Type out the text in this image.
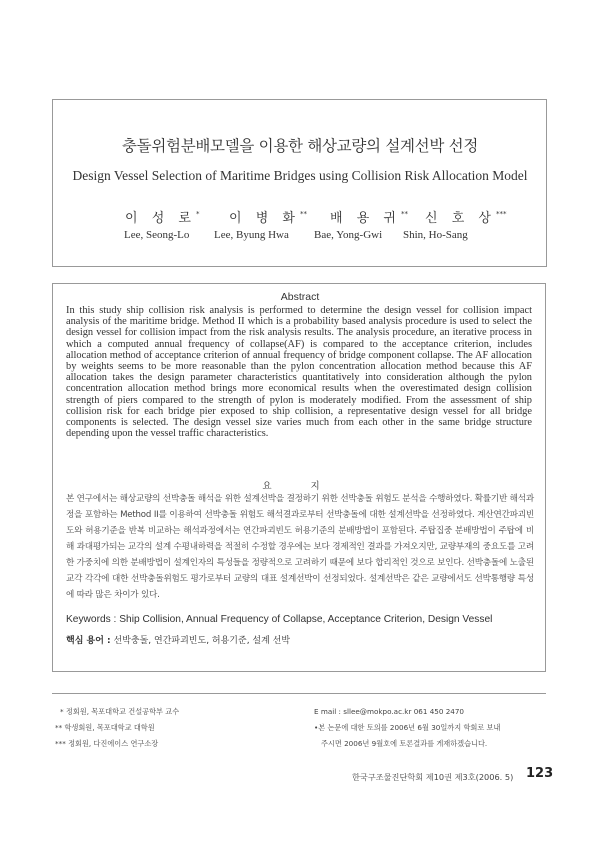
충돌위험분배모델을 이용한 해상교량의 설계선박 선정
Design Vessel Selection of Maritime Bridges using Collision Risk Allocation Model
이 성 로* 이 병 화** 배 용 귀** 신 호 상***
Lee, Seong-Lo Lee, Byung Hwa Bae, Yong-Gwi Shin, Ho-Sang
Abstract
In this study ship collision risk analysis is performed to determine the design vessel for collision impact analysis of the maritime bridge. Method II which is a probability based analysis procedure is used to select the design vessel for collision impact from the risk analysis results. The analysis procedure, an iterative process in which a computed annual frequency of collapse(AF) is compared to the acceptance criterion, includes allocation method of acceptance criterion of annual frequency of bridge component collapse. The AF allocation by weights seems to be more reasonable than the pylon concentration allocation method because this AF allocation takes the design parameter characteristics quantitatively into consideration although the pylon concentration allocation method brings more economical results when the overestimated design collision strength of piers compared to the strength of pylon is moderately modified. From the assessment of ship collision risk for each bridge pier exposed to ship collision, a representative design vessel for all bridge components is selected. The design vessel size varies much from each other in the same bridge structure depending upon the vessel traffic characteristics.
요 지
본 연구에서는 해상교량의 선박충돌 해석을 위한 설계선박을 결정하기 위한 선박충돌 위험도 분석을 수행하였다. 확률기반 해석과정을 포함하는 Method II를 이용하여 선박충돌 위험도 해석결과로부터 선박충돌에 대한 설계선박을 선정하였다. 계산연간파괴빈도와 허용기준을 반복 비교하는 해석과정에서는 연간파괴빈도 허용기준의 분배방법이 포함된다. 주탑집중 분배방법이 주탑에 비해 과대평가되는 교각의 설계 수평내하력을 적절히 수정할 경우에는 보다 경제적인 결과를 가져오지만, 교량부재의 중요도를 고려한 가중치에 의한 분배방법이 설계인자의 특성들을 정량적으로 고려하기 때문에 보다 합리적인 것으로 보인다. 선박충돌에 노출된 교각 각각에 대한 선박충돌위험도 평가로부터 교량의 대표 설계선박이 선정되었다. 설계선박은 같은 교량에서도 선박통행량 특성에 따라 많은 차이가 있다.
Keywords : Ship Collision, Annual Frequency of Collapse, Acceptance Criterion, Design Vessel
핵심 용어 : 선박충돌, 연간파괴빈도, 허용기준, 설계 선박
* 정회원, 목포대학교 건설공학부 교수
** 학생회원, 목포대학교 대학원
*** 정회원, 다진에이스 연구소장
E mail : sllee@mokpo.ac.kr 061 450 2470
•본 논문에 대한 토의를 2006년 6월 30일까지 학회로 보내
주시면 2006년 9월호에 토론결과를 게재하겠습니다.
한국구조물진단학회 제10권 제3호(2006. 5) 123
